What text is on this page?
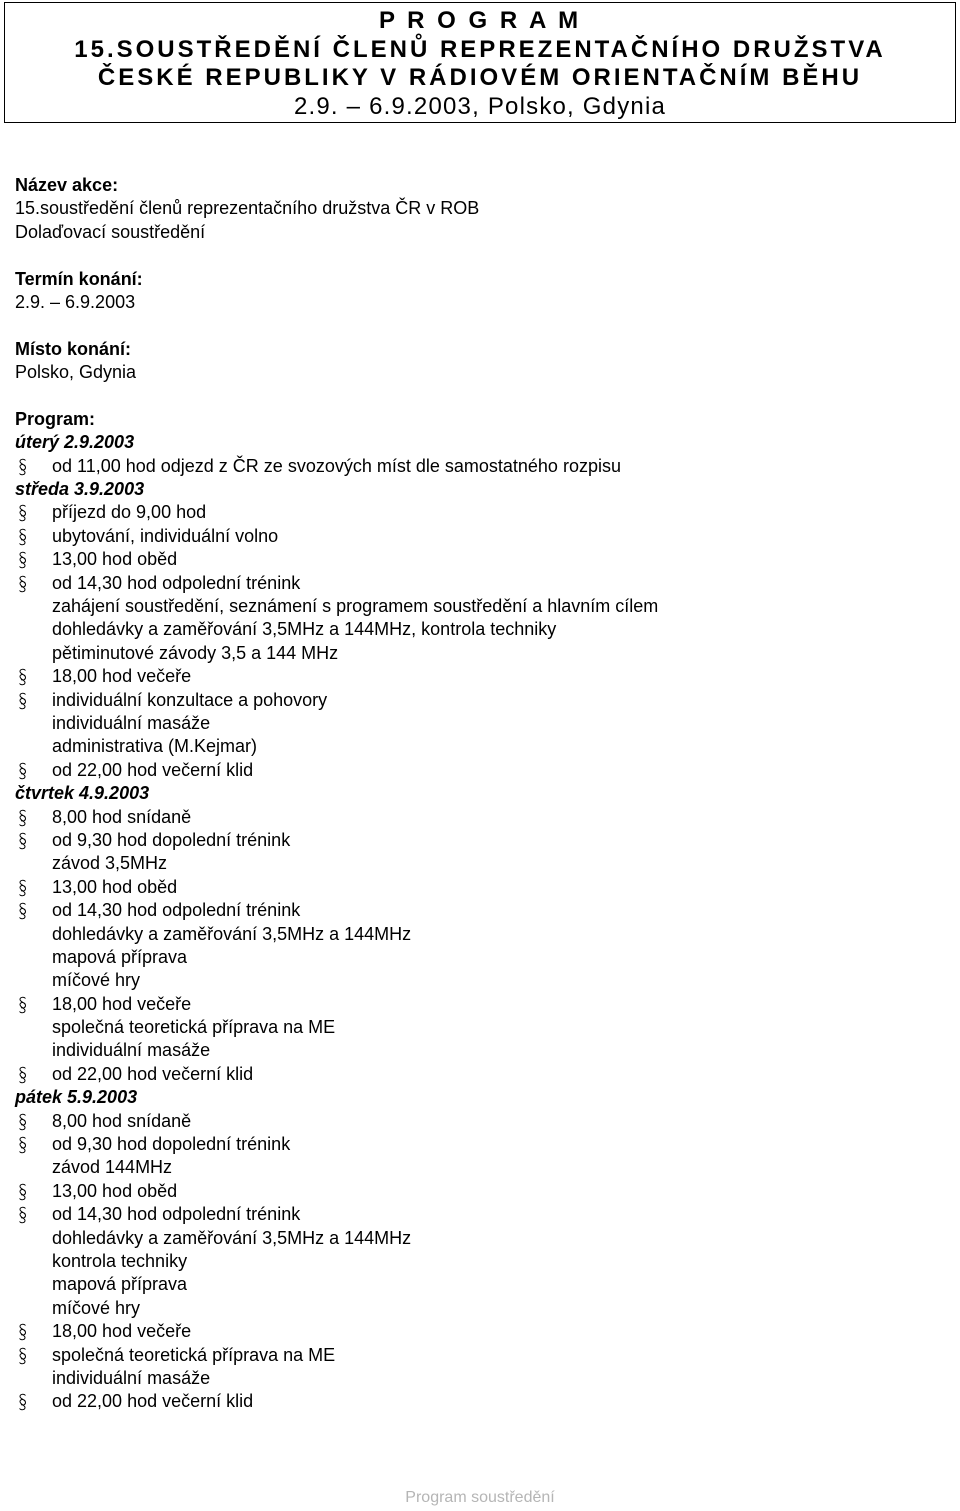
P R O G R A M
15.SOUSTŘEDĚNÍ ČLENŮ REPREZENTAČNÍHO DRUŽSTVA
ČESKÉ REPUBLIKY V RÁDIOVÉM ORIENTAČNÍM BĚHU
2.9. – 6.9.2003, Polsko, Gdynia
Název akce:
15.soustředění členů reprezentačního družstva ČR v ROB
Dolaďovací soustředění
Termín konání:
2.9. – 6.9.2003
Místo konání:
Polsko, Gdynia
Program:
úterý 2.9.2003
od 11,00 hod odjezd z ČR ze svozových míst dle samostatného rozpisu
středa 3.9.2003
příjezd do 9,00 hod
ubytování, individuální volno
13,00 hod oběd
od 14,30 hod odpolední trénink
zahájení soustředění, seznámení s programem soustředění a hlavním cílem
dohledávky a zaměřování 3,5MHz a 144MHz, kontrola techniky
pětiminutové závody 3,5 a 144 MHz
18,00 hod večeře
individuální konzultace a pohovory
individuální masáže
administrativa (M.Kejmar)
od 22,00 hod večerní klid
čtvrtek 4.9.2003
8,00 hod snídaně
od 9,30 hod dopolední trénink
závod 3,5MHz
13,00 hod oběd
od 14,30 hod odpolední trénink
dohledávky a zaměřování 3,5MHz a 144MHz
mapová příprava
míčové hry
18,00 hod večeře
společná teoretická příprava na ME
individuální masáže
od 22,00 hod večerní klid
pátek 5.9.2003
8,00 hod snídaně
od 9,30 hod dopolední trénink
závod 144MHz
13,00 hod oběd
od 14,30 hod odpolední trénink
dohledávky a zaměřování 3,5MHz a 144MHz
kontrola techniky
mapová příprava
míčové hry
18,00 hod večeře
společná teoretická příprava na ME
individuální masáže
od 22,00 hod večerní klid
Program soustředění
